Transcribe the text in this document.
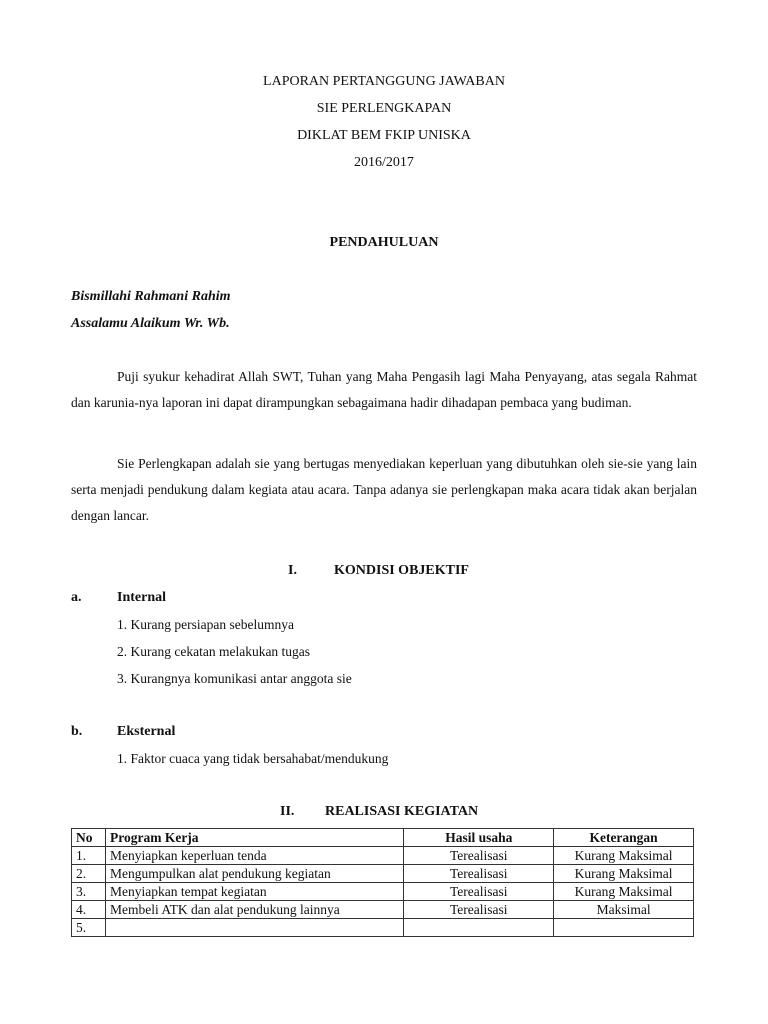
LAPORAN PERTANGGUNG JAWABAN
SIE PERLENGKAPAN
DIKLAT BEM FKIP UNISKA
2016/2017
PENDAHULUAN
Bismillahi Rahmani Rahim
Assalamu Alaikum Wr. Wb.

Puji syukur kehadirat Allah SWT, Tuhan yang Maha Pengasih lagi Maha Penyayang, atas segala Rahmat dan karunia-nya laporan ini dapat dirampungkan sebagaimana hadir dihadapan pembaca yang budiman.

Sie Perlengkapan adalah sie yang bertugas menyediakan keperluan yang dibutuhkan oleh sie-sie yang lain serta menjadi pendukung dalam kegiata atau acara. Tanpa adanya sie perlengkapan maka acara tidak akan berjalan dengan lancar.

I.	KONDISI OBJEKTIF
a.	Internal
1. Kurang persiapan sebelumnya
2. Kurang cekatan melakukan tugas
3. Kurangnya komunikasi antar anggota sie
b. Eksternal
1. Faktor cuaca yang tidak bersahabat/mendukung
II. REALISASI KEGIATAN
No	Program Kerja	Hasil usaha	Keterangan
1.	Menyiapkan keperluan tenda	Terealisasi	Kurang Maksimal
2.	Mengumpulkan alat pendukung kegiatan	Terealisasi	Kurang Maksimal
3.	Menyiapkan tempat kegiatan	Terealisasi	Kurang Maksimal
4.	Membeli ATK dan alat pendukung lainnya	Terealisasi	Maksimal
5.			
